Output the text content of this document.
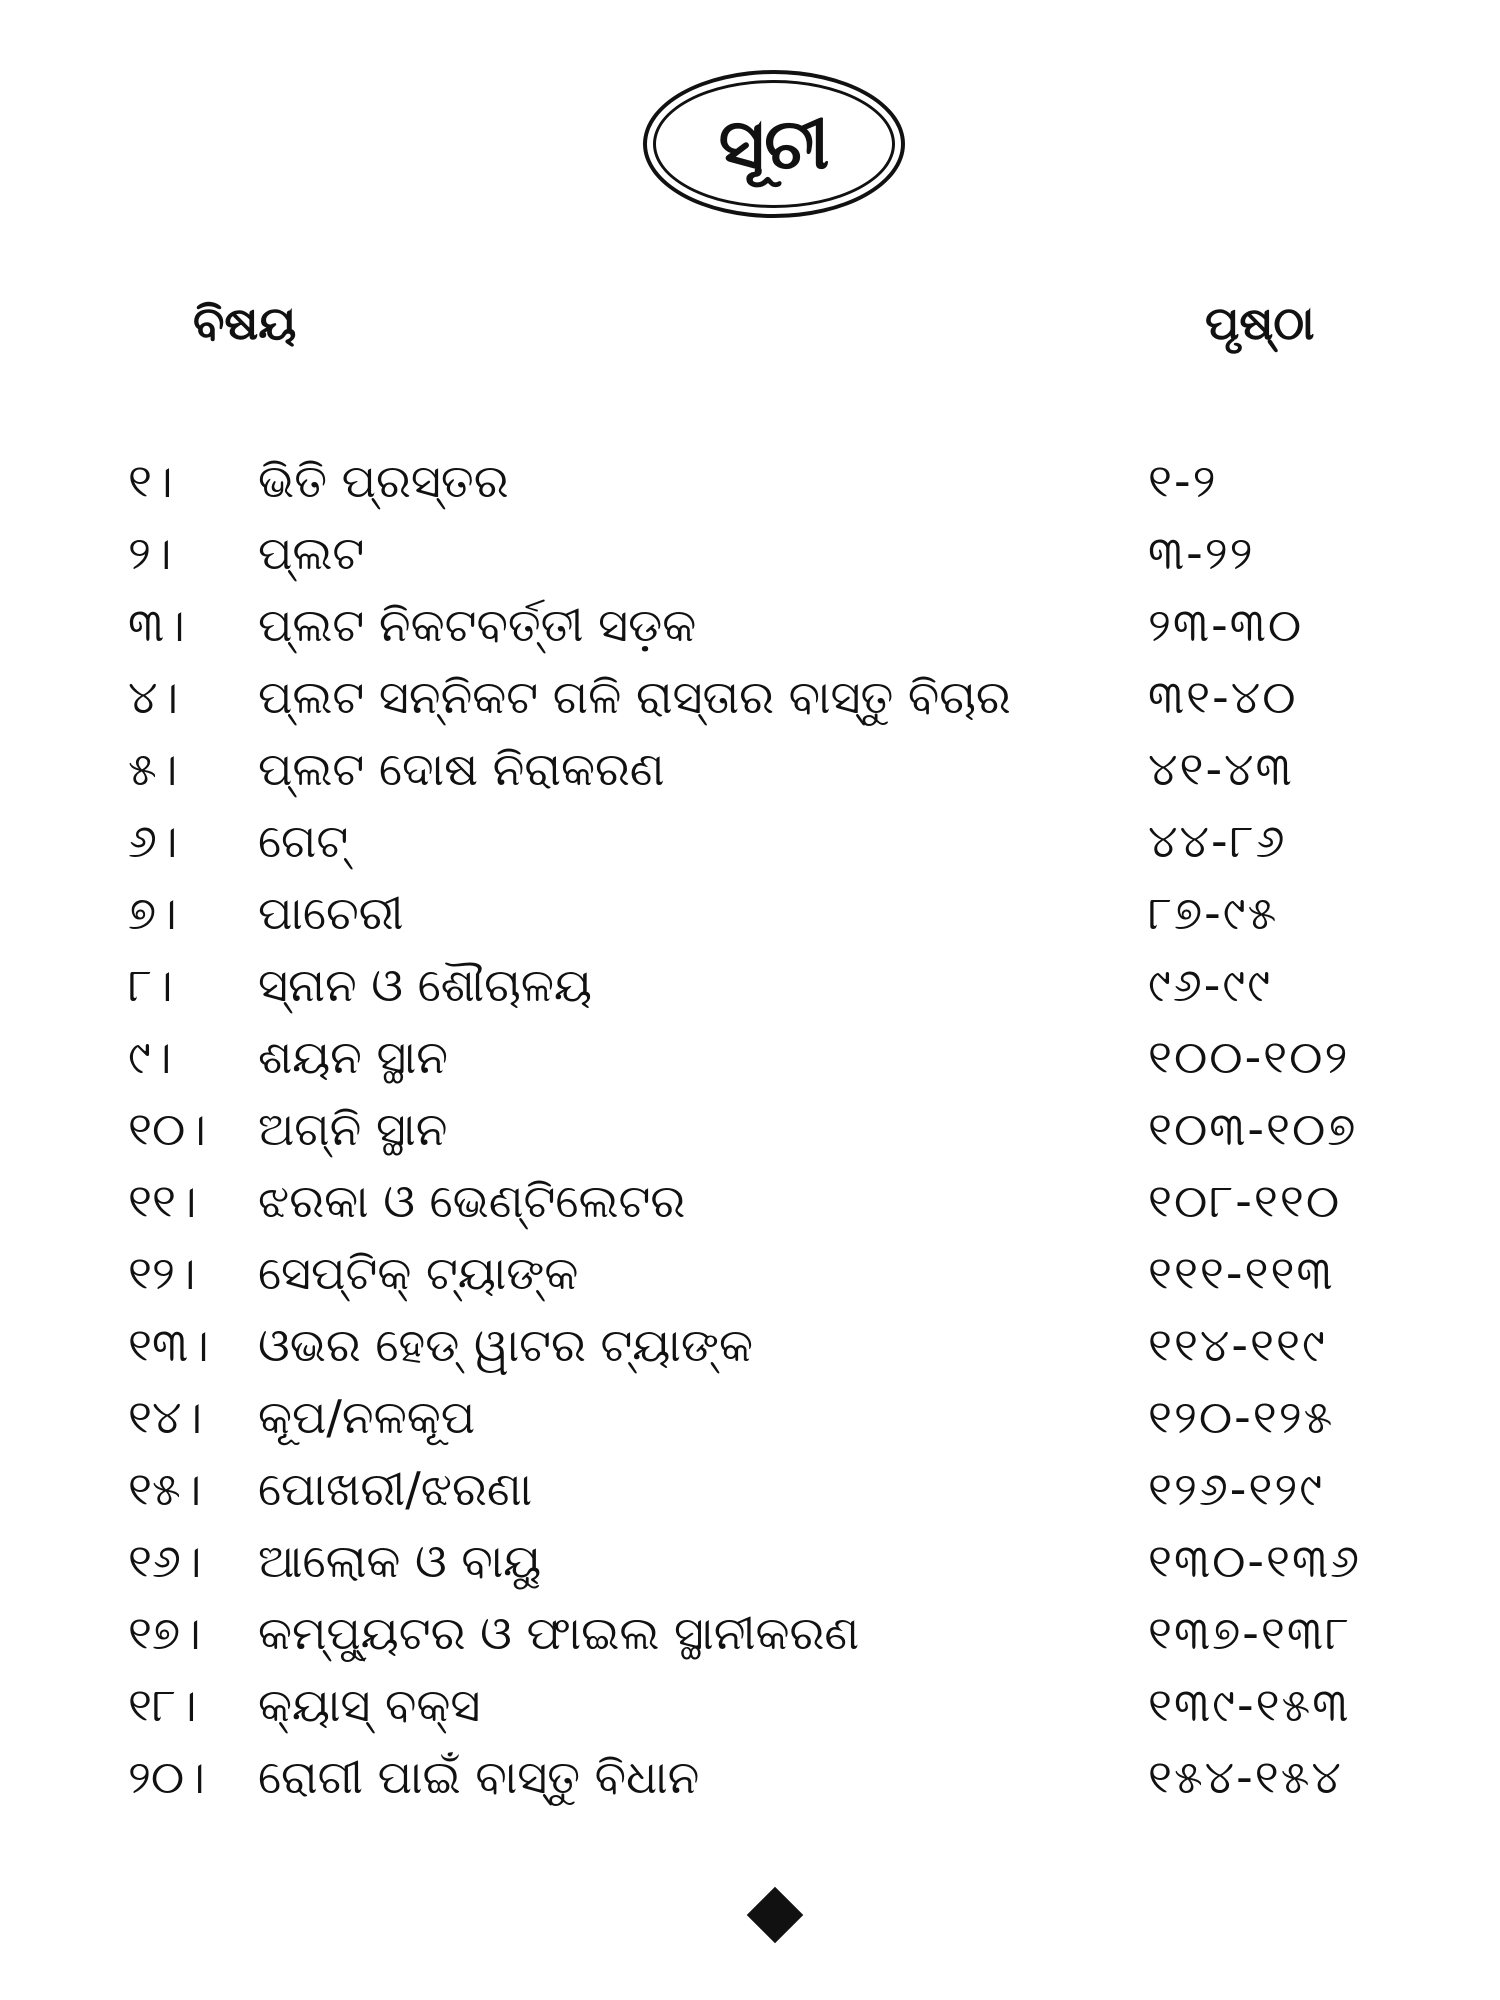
ସୂଚୀ
ବିଷୟ	ପୃଷ୍ଠା
୧। ଭିତି ପ୍ରସ୍ତର	୧-୨
୨। ପ୍ଲଟ	୩-୨୨
୩। ପ୍ଲଟ ନିକଟବର୍ତ୍ତୀ ସଡ଼କ	୨୩-୩୦
୪। ପ୍ଲଟ ସନ୍ନିକଟ ଗଳି ରାସ୍ତାର ବାସ୍ତୁ ବିଚାର	୩୧-୪୦
୫। ପ୍ଲଟ ଦୋଷ ନିରାକରଣ	୪୧-୪୩
୬। ଗେଟ୍	୪୪-୮୬
୭। ପାଚେରୀ	୮୭-୯୫
୮। ସ୍ନାନ ଓ ଶୌଚାଳୟ	୯୬-୯୯
୯। ଶୟନ ସ୍ଥାନ	୧୦୦-୧୦୨
୧୦। ଅଗ୍ନି ସ୍ଥାନ	୧୦୩-୧୦୭
୧୧। ଝରକା ଓ ଭେଣ୍ଟିଲେଟର	୧୦୮-୧୧୦
୧୨। ସେପ୍‌ଟିକ୍ ଟ୍ୟାଙ୍କ	୧୧୧-୧୧୩
୧୩। ଓଭର ହେଡ୍ ୱାଟର ଟ୍ୟାଙ୍କ	୧୧୪-୧୧୯
୧୪। କୂପ/ନଳକୂପ	୧୨୦-୧୨୫
୧୫। ପୋଖରୀ/ଝରଣା	୧୨୬-୧୨୯
୧୬। ଆଲୋକ ଓ ବାୟୁ	୧୩୦-୧୩୬
୧୭। କମ୍ପ୍ୟୁଟର ଓ ଫାଇଲ ସ୍ଥାନୀକରଣ	୧୩୭-୧୩୮
୧୮। କ୍ୟାସ୍ ବକ୍ସ	୧୩୯-୧୫୩
୨୦। ରୋଗୀ ପାଇଁ ବାସ୍ତୁ ବିଧାନ	୧୫୪-୧୫୪
